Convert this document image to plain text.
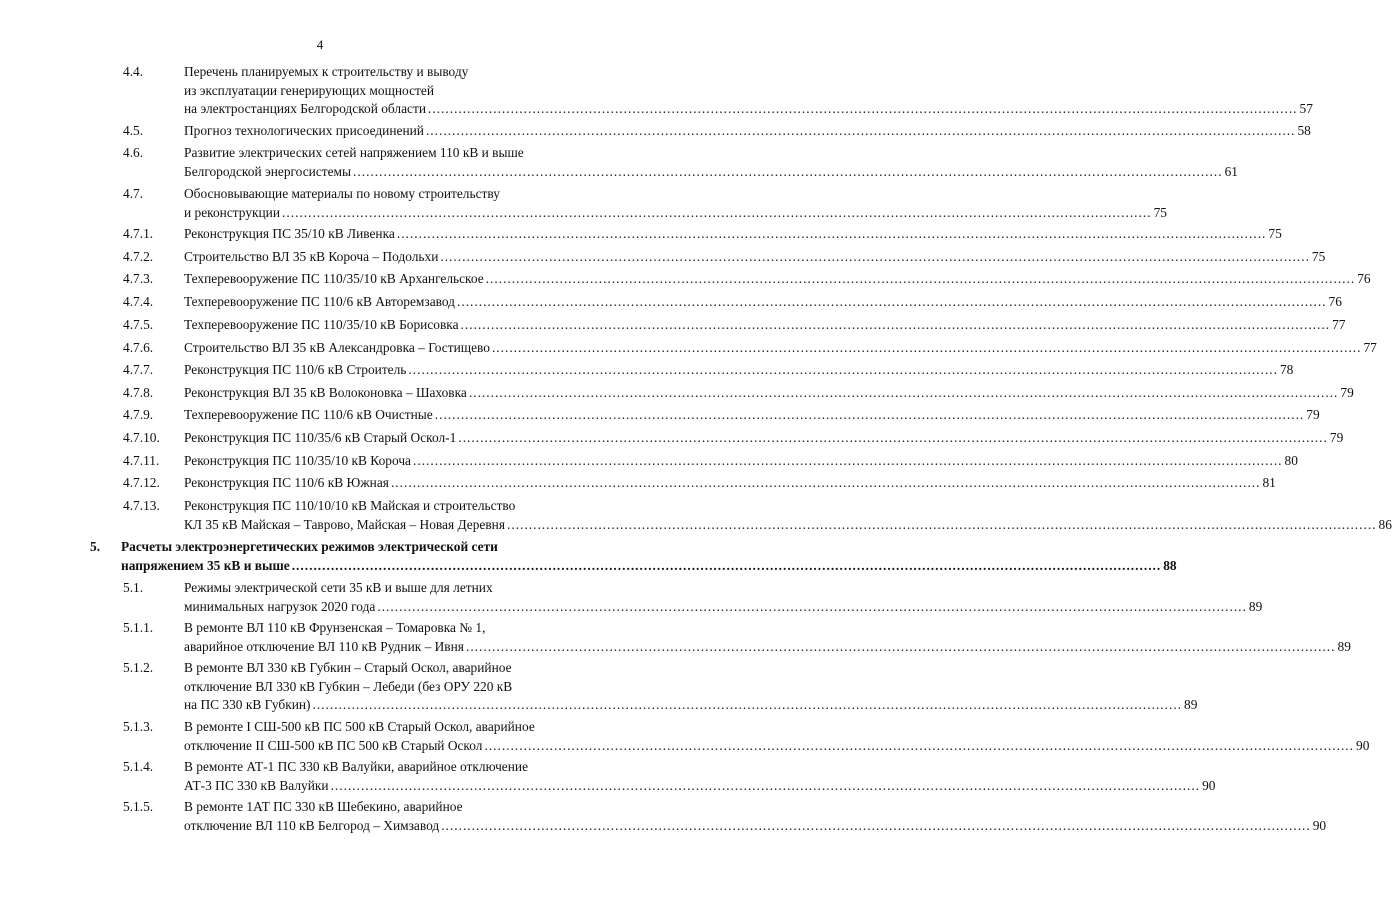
4
4.4.	Перечень планируемых к строительству и выводу
из эксплуатации генерирующих мощностей
на электростанциях Белгородской области ........................................................................................................................................................................................................ 57
4.5.	Прогноз технологических присоединений ........................................................................................................................................................................................................ 58
4.6.	Развитие электрических сетей напряжением 110 кВ и выше
Белгородской энергосистемы ........................................................................................................................................................................................................ 61
4.7.	Обосновывающие материалы по новому строительству
и реконструкции ........................................................................................................................................................................................................ 75
4.7.1. Реконструкция ПС 35/10 кВ Ливенка ........................................................................................................................................................................................................ 75
4.7.2. Строительство ВЛ 35 кВ Короча – Подольхи ........................................................................................................................................................................................................ 75
4.7.3. Техперевооружение ПС 110/35/10 кВ Архангельское ........................................................................................................................................................................................................ 76
4.7.4. Техперевооружение ПС 110/6 кВ Авторемзавод ........................................................................................................................................................................................................ 76
4.7.5. Техперевооружение ПС 110/35/10 кВ Борисовка ........................................................................................................................................................................................................ 77
4.7.6. Строительство ВЛ 35 кВ Александровка – Гостищево ........................................................................................................................................................................................................ 77
4.7.7. Реконструкция ПС 110/6 кВ Строитель ........................................................................................................................................................................................................ 78
4.7.8. Реконструкция ВЛ 35 кВ Волоконовка – Шаховка ........................................................................................................................................................................................................ 79
4.7.9. Техперевооружение ПС 110/6 кВ Очистные ........................................................................................................................................................................................................ 79
4.7.10. Реконструкция ПС 110/35/6 кВ Старый Оскол-1 ........................................................................................................................................................................................................ 79
4.7.11. Реконструкция ПС 110/35/10 кВ Короча ........................................................................................................................................................................................................ 80
4.7.12. Реконструкция ПС 110/6 кВ Южная ........................................................................................................................................................................................................ 81
4.7.13. Реконструкция ПС 110/10/10 кВ Майская и строительство
КЛ 35 кВ Майская – Таврово, Майская – Новая Деревня ........................................................................................................................................................................................................ 86
5. Расчеты электроэнергетических режимов электрической сети
напряжением 35 кВ и выше ........................................................................................................................................................................................................ 88
5.1.	Режимы электрической сети 35 кВ и выше для летних
минимальных нагрузок 2020 года ........................................................................................................................................................................................................ 89
5.1.1. В ремонте ВЛ 110 кВ Фрунзенская – Томаровка № 1,
аварийное отключение ВЛ 110 кВ Рудник – Ивня ........................................................................................................................................................................................................ 89
5.1.2. В ремонте ВЛ 330 кВ Губкин – Старый Оскол, аварийное
отключение ВЛ 330 кВ Губкин – Лебеди (без ОРУ 220 кВ
на ПС 330 кВ Губкин) ........................................................................................................................................................................................................ 89
5.1.3. В ремонте I СШ-500 кВ ПС 500 кВ Старый Оскол, аварийное
отключение II СШ-500 кВ ПС 500 кВ Старый Оскол ........................................................................................................................................................................................................ 90
5.1.4. В ремонте АТ-1 ПС 330 кВ Валуйки, аварийное отключение
АТ-3 ПС 330 кВ Валуйки ........................................................................................................................................................................................................ 90
5.1.5. В ремонте 1АТ ПС 330 кВ Шебекино, аварийное
отключение ВЛ 110 кВ Белгород – Химзавод ........................................................................................................................................................................................................ 90
